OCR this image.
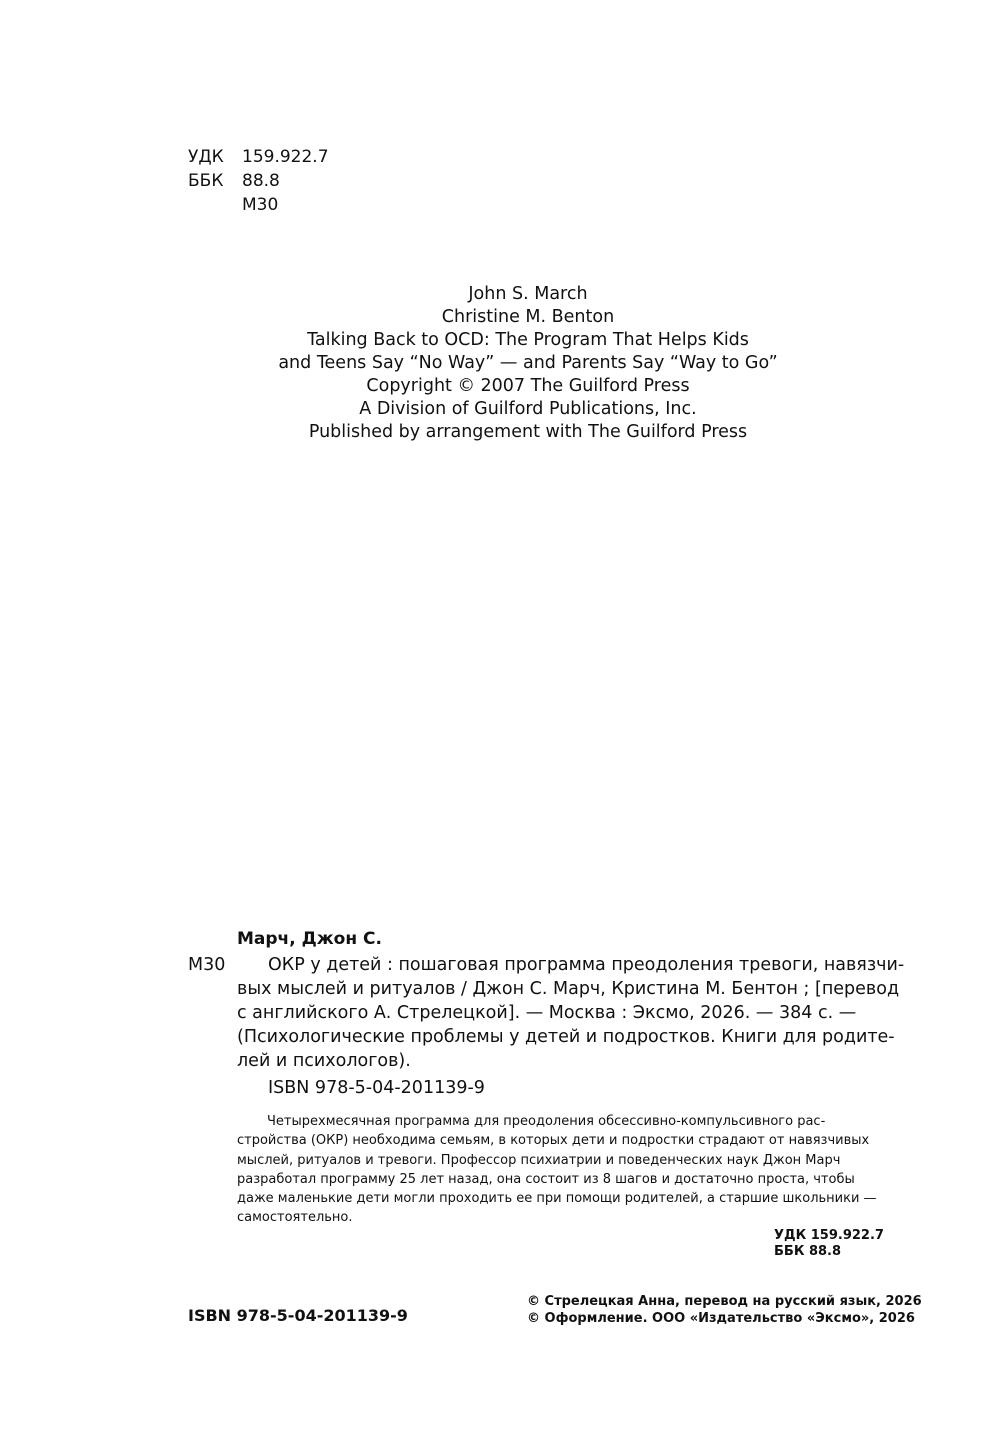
УДК 159.922.7
ББК 88.8
М30
John S. March
Christine M. Benton
Talking Back to OCD: The Program That Helps Kids
and Teens Say “No Way” — and Parents Say “Way to Go”
Copyright © 2007 The Guilford Press
A Division of Guilford Publications, Inc.
Published by arrangement with The Guilford Press
Марч, Джон С.
М30	ОКР у детей : пошаговая программа преодоления тревоги, навязчи-
вых мыслей и ритуалов / Джон С. Марч, Кристина М. Бентон ; [перевод
с английского А. Стрелецкой]. — Москва : Эксмо, 2026. — 384 с. —
(Психологические проблемы у детей и подростков. Книги для родите-
лей и психологов).
ISBN 978-5-04-201139-9
Четырехмесячная программа для преодоления обсессивно-компульсивного рас-
стройства (ОКР) необходима семьям, в которых дети и подростки страдают от навязчивых
мыслей, ритуалов и тревоги. Профессор психиатрии и поведенческих наук Джон Марч
разработал программу 25 лет назад, она состоит из 8 шагов и достаточно проста, чтобы
даже маленькие дети могли проходить ее при помощи родителей, а старшие школьники —
самостоятельно.
УДК 159.922.7
ББК 88.8
ISBN 978-5-04-201139-9
© Стрелецкая Анна, перевод на русский язык, 2026
© Оформление. ООО «Издательство «Эксмо», 2026
